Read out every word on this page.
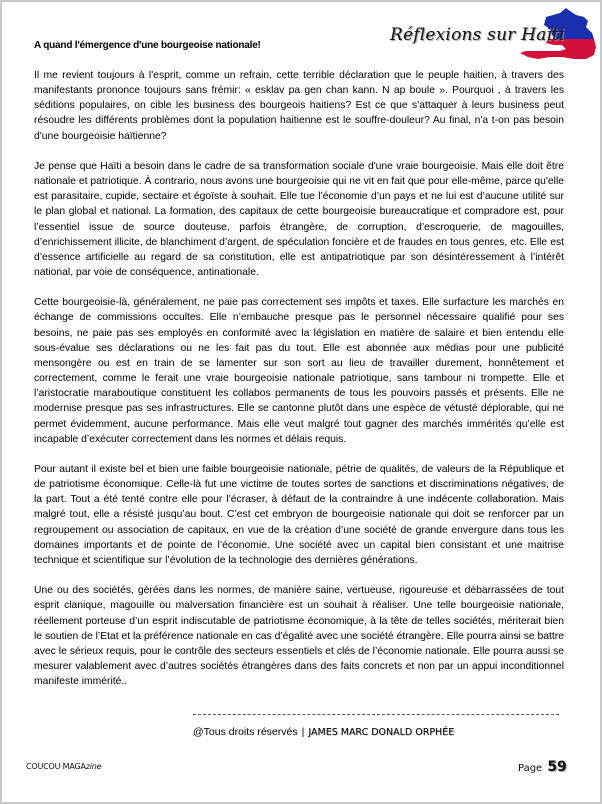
Réflexions sur Haïti
A quand l'émergence d'une bourgeoise nationale!

Il me revient toujours à l'esprit, comme un refrain, cette terrible déclaration que le peuple haitien, à travers des manifestants prononce toujours sans frémir: « esklav pa gen chan kann. N ap boule ». Pourquoi , à travers les séditions populaires, on cible les business des bourgeois haitiens? Est ce que s'attaquer à leurs business peut résoudre les différents problèmes dont la population haitienne est le souffre-douleur? Au final, n'a t-on pas besoin d'une bourgeoisie haïtienne?

Je pense que Haïti a besoin dans le cadre de sa transformation sociale d'une vraie bourgeoisie. Mais elle doit être nationale et patriotique. À contrario, nous avons une bourgeoisie qui ne vit en fait que pour elle-même, parce qu'elle est parasitaire, cupide, sectaire et égoïste à souhait. Elle tue l’économie d’un pays et ne lui est d’aucune utilité sur le plan global et national. La formation, des capitaux de cette bourgeoisie bureaucratique et compradore est, pour l’essentiel issue de source douteuse, parfois étrangère, de corruption, d’escroquerie, de magouilles, d’enrichissement illicite, de blanchiment d’argent, de spéculation foncière et de fraudes en tous genres, etc. Elle est d’essence artificielle au regard de sa constitution, elle est antipatriotique par son désintéressement à l’intérêt national, par voie de conséquence, antinationale.

Cette bourgeoisie-là, généralement, ne paie pas correctement ses impôts et taxes. Elle surfacture les marchés en échange de commissions occultes. Elle n’embauche presque pas le personnel nécessaire qualifié pour ses besoins, ne paie pas ses employés en conformité avec la législation en matière de salaire et bien entendu elle sous-évalue ses déclarations ou ne les fait pas du tout. Elle est abonnée aux médias pour une publicité mensongère ou est en train de se lamenter sur son sort au lieu de travailler durement, honnêtement et correctement, comme le ferait une vraie bourgeoisie nationale patriotique, sans tambour ni trompette. Elle et l’aristocratie maraboutique constituent les collabos permanents de tous les pouvoirs passés et présents. Elle ne modernise presque pas ses infrastructures. Elle se cantonne plutôt dans une espèce de vétusté déplorable, qui ne permet évidemment, aucune performance. Mais elle veut malgré tout gagner des marchés immérités qu’elle est incapable d’exécuter correctement dans les normes et délais requis.

Pour autant il existe bel et bien une faible bourgeoisie nationale, pétrie de qualités, de valeurs de la République et de patriotisme économique. Celle-là fut une victime de toutes sortes de sanctions et discriminations négatives, de la part. Tout a été tenté contre elle pour l’écraser, à défaut de la contraindre à une indécente collaboration. Mais malgré tout, elle a résisté jusqu’au bout. C’est cet embryon de bourgeoisie nationale qui doit se renforcer par un regroupement ou association de capitaux, en vue de la création d’une société de grande envergure dans tous les domaines importants et de pointe de l’économie. Une société avec un capital bien consistant et une maitrise technique et scientifique sur l’évolution de la technologie des dernières générations.

Une ou des sociétés, gérées dans les normes, de manière saine, vertueuse, rigoureuse et débarrassées de tout esprit clanique, magouille ou malversation financière est un souhait à réaliser. Une telle bourgeoisie nationale, réellement porteuse d’un esprit indiscutable de patriotisme économique, à la tête de telles sociétés, mériterait bien le soutien de l’Etat et la préférence nationale en cas d’égalité avec une société étrangère. Elle pourra ainsi se battre avec le sérieux requis, pour le contrôle des secteurs essentiels et clés de l’économie nationale. Elle pourra aussi se mesurer valablement avec d’autres sociétés étrangères dans des faits concrets et non par un appui inconditionnel manifeste immérité..

@Tous droits réservés | JAMES MARC DONALD ORPHÉE
COUCOU MAGAzine	Page 59
